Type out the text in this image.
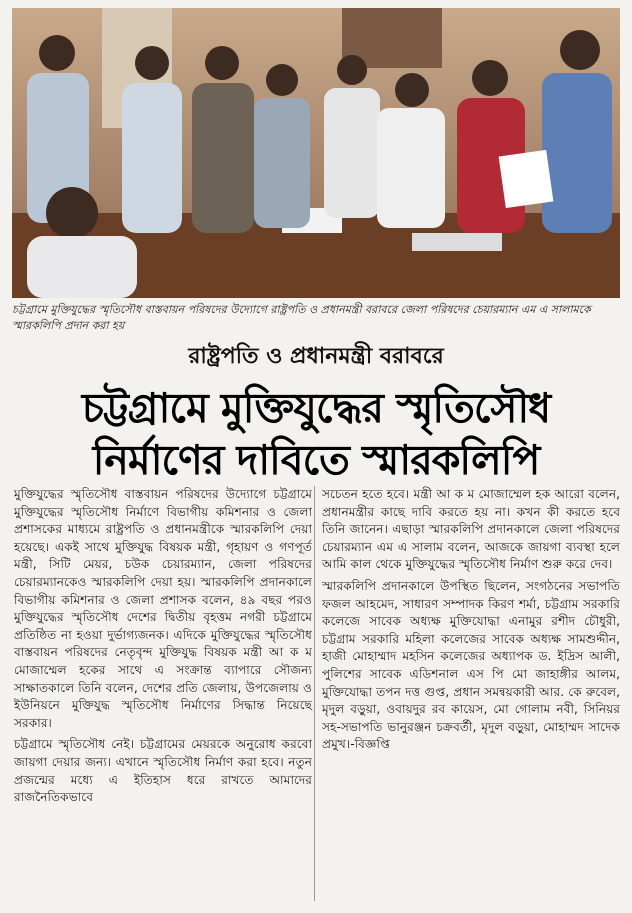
চট্টগ্রামে মুক্তিযুদ্ধের স্মৃতিসৌধ বাস্তবায়ন পরিষদের উদ্যোগে রাষ্ট্রপতি ও প্রধানমন্ত্রী বরাবরে জেলা পরিষদের চেয়ারম্যান এম এ সালামকে স্মারকলিপি প্রদান করা হয়
রাষ্ট্রপতি ও প্রধানমন্ত্রী বরাবরে
চট্টগ্রামে মুক্তিযুদ্ধের স্মৃতিসৌধ
নির্মাণের দাবিতে স্মারকলিপি

মুক্তিযুদ্ধের স্মৃতিসৌধ বাস্তবায়ন পরিষদের উদ্যোগে চট্টগ্রামে মুক্তিযুদ্ধের স্মৃতিসৌধ নির্মাণে বিভাগীয় কমিশনার ও জেলা প্রশাসকের মাধ্যমে রাষ্ট্রপতি ও প্রধানমন্ত্রীকে স্মারকলিপি দেয়া হয়েছে। একই সাথে মুক্তিযুদ্ধ বিষয়ক মন্ত্রী, গৃহায়ণ ও গণপূর্ত মন্ত্রী, সিটি মেয়র, চউক চেয়ারম্যান, জেলা পরিষদের চেয়ারম্যানকেও স্মারকলিপি দেয়া হয়। স্মারকলিপি প্রদানকালে বিভাগীয় কমিশনার ও জেলা প্রশাসক বলেন, ৪৯ বছর পরও মুক্তিযুদ্ধের স্মৃতিসৌধ দেশের দ্বিতীয় বৃহত্তম নগরী চট্টগ্রামে প্রতিষ্ঠিত না হওয়া দুর্ভাগ্যজনক। এদিকে মুক্তিযুদ্ধের স্মৃতিসৌধ বাস্তবায়ন পরিষদের নেতৃবৃন্দ মুক্তিযুদ্ধ বিষয়ক মন্ত্রী আ ক ম মোজাম্মেল হকের সাথে এ সংক্রান্ত ব্যাপারে সৌজন্য সাক্ষাতকালে তিনি বলেন, দেশের প্রতি জেলায়, উপজেলায় ও ইউনিয়নে মুক্তিযুদ্ধ স্মৃতিসৌধ নির্মাণের সিদ্ধান্ত নিয়েছে সরকার।

চট্টগ্রামে স্মৃতিসৌধ নেই। চট্টগ্রামের মেয়রকে অনুরোধ করবো জায়গা দেয়ার জন্য। এখানে স্মৃতিসৌধ নির্মাণ করা হবে। নতুন প্রজন্মের মধ্যে এ ইতিহাস ধরে রাখতে আমাদের রাজনৈতিকভাবে

সচেতন হতে হবে। মন্ত্রী আ ক ম মোজাম্মেল হক আরো বলেন, প্রধানমন্ত্রীর কাছে দাবি করতে হয় না। কখন কী করতে হবে তিনি জানেন। এছাড়া স্মারকলিপি প্রদানকালে জেলা পরিষদের চেয়ারম্যান এম এ সালাম বলেন, আজকে জায়গা ব্যবস্থা হলে আমি কাল থেকে মুক্তিযুদ্ধের স্মৃতিসৌধ নির্মাণ শুরু করে দেব।

স্মারকলিপি প্রদানকালে উপস্থিত ছিলেন, সংগঠনের সভাপতি ফজল আহমেদ, সাধারণ সম্পাদক কিরণ শর্মা, চট্টগ্রাম সরকারি কলেজে সাবেক অধ্যক্ষ মুক্তিযোদ্ধা এনামুর রশীদ চৌধুরী, চট্টগ্রাম সরকারি মহিলা কলেজের সাবেক অধ্যক্ষ সামশুদ্দীন, হাজী মোহাম্মাদ মহসিন কলেজের অধ্যাপক ড. ইদ্রিস আলী, পুলিশের সাবেক এডিশনাল এস পি মো জাহাঙ্গীর আলম, মুক্তিযোদ্ধা তপন দত্ত গুপ্ত, প্রধান সমন্বয়কারী আর. কে রুবেল, মৃদুল বড়ুয়া, ওবায়দুর রব কায়েস, মো গোলাম নবী, সিনিয়র সহ-সভাপতি ভানুরঞ্জন চক্রবর্তী, মৃদুল বড়ুয়া, মোহাম্মদ সাদেক প্রমুখ।-বিজ্ঞপ্তি
